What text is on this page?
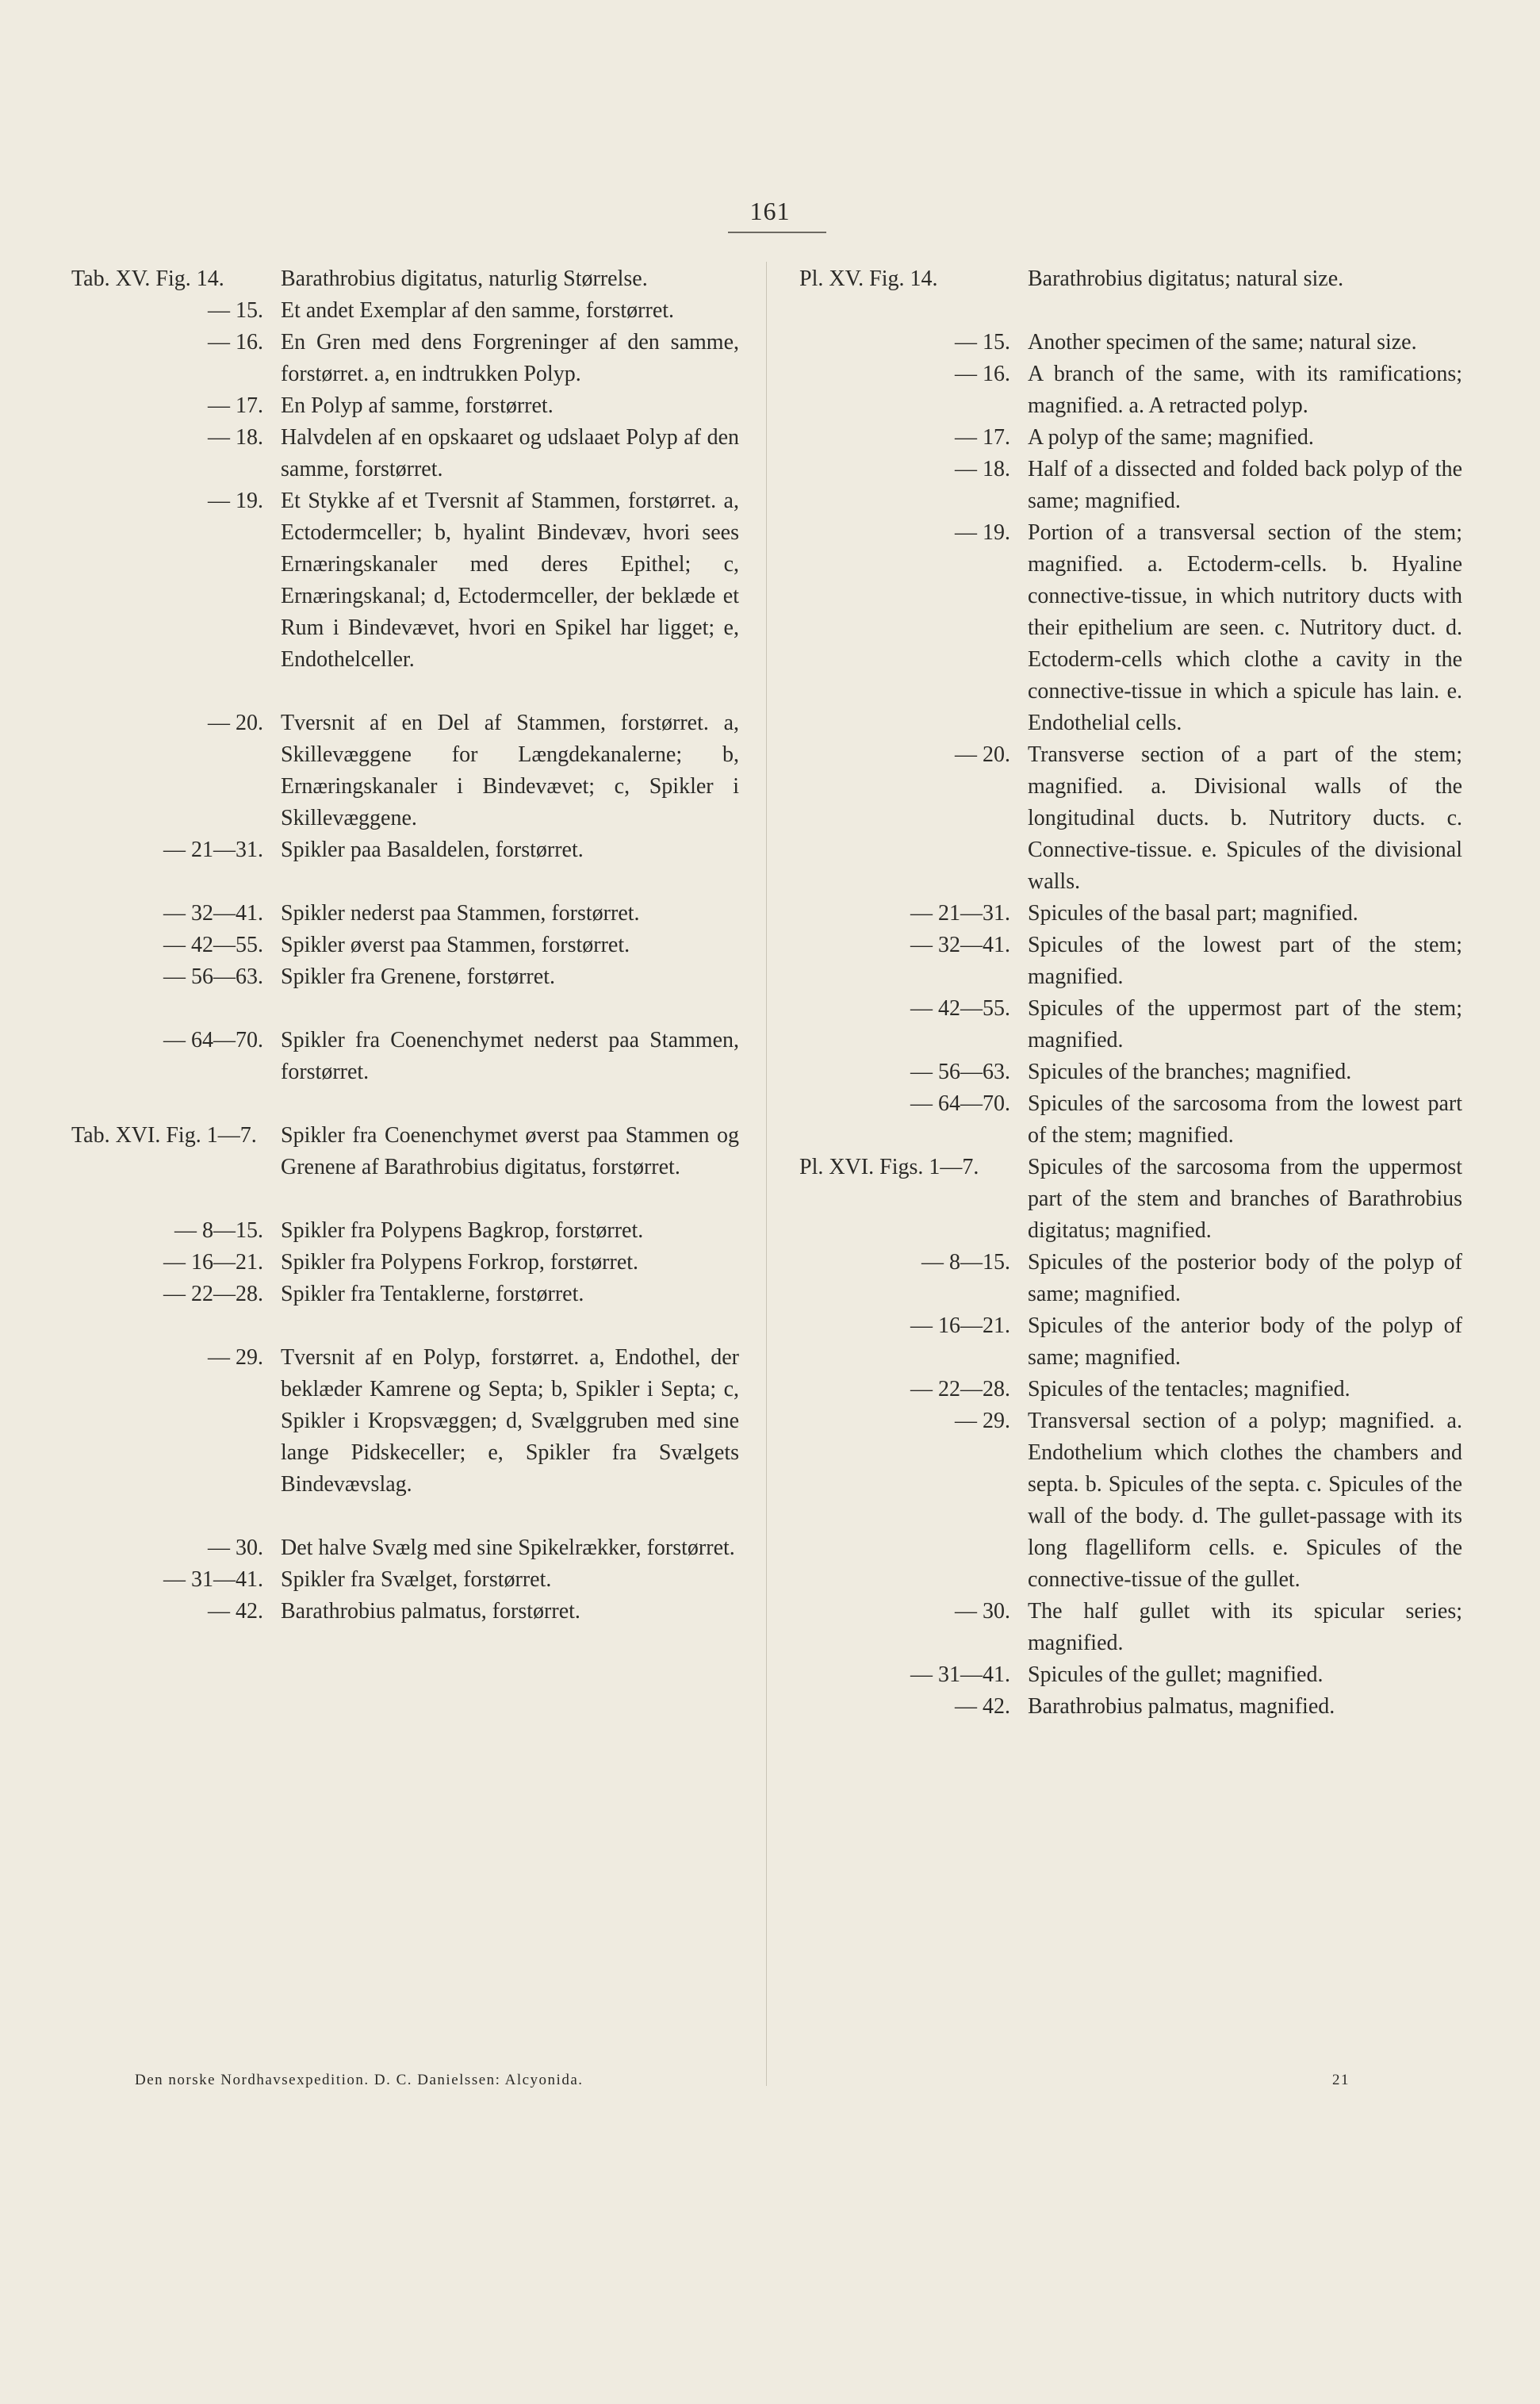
161
Tab. XV. Fig. 14.	Barathrobius digitatus, naturlig Størrelse.
— 15. Et andet Exemplar af den samme, forstørret.
— 16. En Gren med dens Forgreninger af den samme, forstørret. a, en indtrukken Polyp.
— 17. En Polyp af samme, forstørret.
— 18. Halvdelen af en opskaaret og udslaaet Polyp af den samme, forstørret.
— 19. Et Stykke af et Tversnit af Stammen, forstørret. a, Ectodermceller; b, hyalint Bindevæv, hvori sees Ernæringskanaler med deres Epithel; c, Ernæringskanal; d, Ectodermceller, der beklæde et Rum i Bindevævet, hvori en Spikel har ligget; e, Endothelceller.
— 20. Tversnit af en Del af Stammen, forstørret. a, Skillevæggene for Længdekanalerne; b, Ernæringskanaler i Bindevævet; c, Spikler i Skillevæggene.
— 21—31. Spikler paa Basaldelen, forstørret.
— 32—41. Spikler nederst paa Stammen, forstørret.
— 42—55. Spikler øverst paa Stammen, forstørret.
— 56—63. Spikler fra Grenene, forstørret.
— 64—70. Spikler fra Coenenchymet nederst paa Stammen, forstørret.
Tab. XVI. Fig. 1—7.	Spikler fra Coenenchymet øverst paa Stammen og Grenene af Barathrobius digitatus, forstørret.
— 8—15. Spikler fra Polypens Bagkrop, forstørret.
— 16—21. Spikler fra Polypens Forkrop, forstørret.
— 22—28. Spikler fra Tentaklerne, forstørret.
— 29. Tversnit af en Polyp, forstørret. a, Endothel, der beklæder Kamrene og Septa; b, Spikler i Septa; c, Spikler i Kropsvæggen; d, Svælggruben med sine lange Pidskeceller; e, Spikler fra Svælgets Bindevævslag.
— 30. Det halve Svælg med sine Spikelrækker, forstørret.
— 31—41. Spikler fra Svælget, forstørret.
— 42. Barathrobius palmatus, forstørret.
Pl. XV. Fig. 14.	Barathrobius digitatus; natural size.
— 15. Another specimen of the same; natural size.
— 16. A branch of the same, with its ramifications; magnified. a. A retracted polyp.
— 17. A polyp of the same; magnified.
— 18. Half of a dissected and folded back polyp of the same; magnified.
— 19. Portion of a transversal section of the stem; magnified. a. Ectoderm-cells. b. Hyaline connective-tissue, in which nutritory ducts with their epithelium are seen. c. Nutritory duct. d. Ectoderm-cells which clothe a cavity in the connective-tissue in which a spicule has lain. e. Endothelial cells.
— 20. Transverse section of a part of the stem; magnified. a. Divisional walls of the longitudinal ducts. b. Nutritory ducts. c. Connective-tissue. e. Spicules of the divisional walls.
— 21—31. Spicules of the basal part; magnified.
— 32—41. Spicules of the lowest part of the stem; magnified.
— 42—55. Spicules of the uppermost part of the stem; magnified.
— 56—63. Spicules of the branches; magnified.
— 64—70. Spicules of the sarcosoma from the lowest part of the stem; magnified.
Pl. XVI. Figs. 1—7.	Spicules of the sarcosoma from the uppermost part of the stem and branches of Barathrobius digitatus; magnified.
— 8—15. Spicules of the posterior body of the polyp of same; magnified.
— 16—21. Spicules of the anterior body of the polyp of same; magnified.
— 22—28. Spicules of the tentacles; magnified.
— 29. Transversal section of a polyp; magnified. a. Endothelium which clothes the chambers and septa. b. Spicules of the septa. c. Spicules of the wall of the body. d. The gullet-passage with its long flagelliform cells. e. Spicules of the connective-tissue of the gullet.
— 30. The half gullet with its spicular series; magnified.
— 31—41. Spicules of the gullet; magnified.
— 42. Barathrobius palmatus, magnified.
Den norske Nordhavsexpedition. D. C. Danielssen: Alcyonida.	21
